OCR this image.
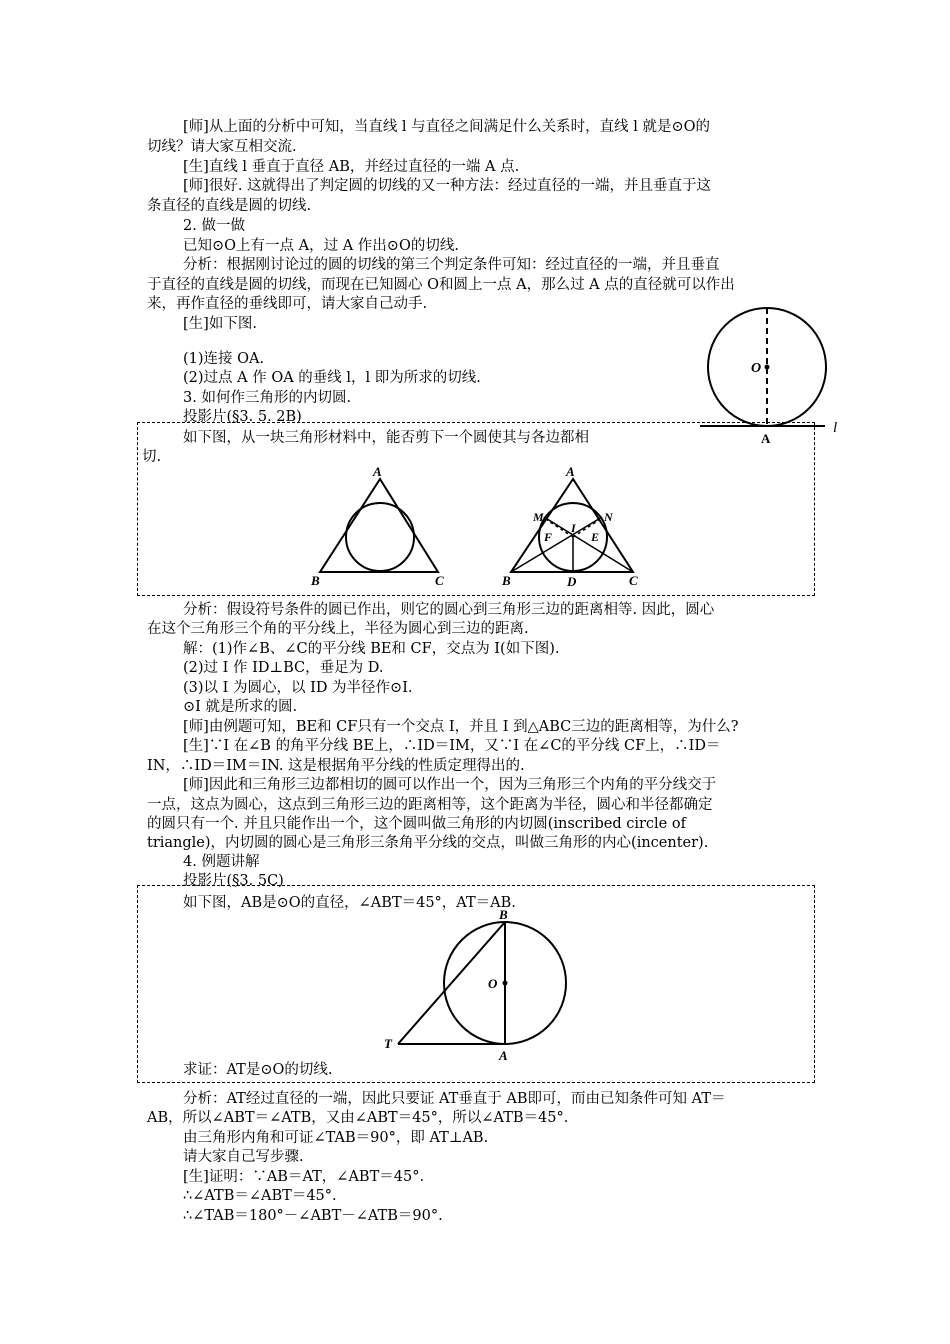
[师]从上面的分析中可知，当直线 l 与直径之间满足什么关系时，直线 l 就是⊙O的
切线？请大家互相交流.
[生]直线 l 垂直于直径 AB，并经过直径的一端 A 点.
[师]很好. 这就得出了判定圆的切线的又一种方法：经过直径的一端，并且垂直于这
条直径的直线是圆的切线.
2. 做一做
已知⊙O上有一点 A，过 A 作出⊙O的切线.
分析：根据刚讨论过的圆的切线的第三个判定条件可知：经过直径的一端，并且垂直
于直径的直线是圆的切线，而现在已知圆心 O和圆上一点 A，那么过 A 点的直径就可以作出
来，再作直径的垂线即可，请大家自己动手.
[生]如下图.
(1)连接 OA.
(2)过点 A 作 OA 的垂线 l，l 即为所求的切线.
3. 如何作三角形的内切圆.
投影片(§3. 5. 2B)
O
A
l
如下图，从一块三角形材料中，能否剪下一个圆使其与各边都相
切.
A
B	C
A
M	N
I
F	E
B	D	C
分析：假设符号条件的圆已作出，则它的圆心到三角形三边的距离相等. 因此，圆心
在这个三角形三个角的平分线上，半径为圆心到三边的距离.
解：(1)作∠B、∠C的平分线 BE和 CF，交点为 I(如下图).
(2)过 I 作 ID⊥BC，垂足为 D.
(3)以 I 为圆心，以 ID 为半径作⊙I.
⊙I 就是所求的圆.
[师]由例题可知，BE和 CF只有一个交点 I，并且 I 到△ABC三边的距离相等，为什么?
[生]∵I 在∠B 的角平分线 BE上，∴ID＝IM，又∵I 在∠C的平分线 CF上，∴ID＝
IN，∴ID＝IM＝IN. 这是根据角平分线的性质定理得出的.
[师]因此和三角形三边都相切的圆可以作出一个，因为三角形三个内角的平分线交于
一点，这点为圆心，这点到三角形三边的距离相等，这个距离为半径，圆心和半径都确定
的圆只有一个. 并且只能作出一个，这个圆叫做三角形的内切圆(inscribed circle of
triangle)，内切圆的圆心是三角形三条角平分线的交点，叫做三角形的内心(incenter).
4. 例题讲解
投影片(§3. 5C)
如下图，AB是⊙O的直径，∠ABT＝45°，AT＝AB.
B
O
T
A
求证：AT是⊙O的切线.
分析：AT经过直径的一端，因此只要证 AT垂直于 AB即可，而由已知条件可知 AT＝
AB，所以∠ABT＝∠ATB，又由∠ABT＝45°，所以∠ATB＝45°.
由三角形内角和可证∠TAB＝90°，即 AT⊥AB.
请大家自己写步骤.
[生]证明：∵AB＝AT，∠ABT＝45°.
∴∠ATB＝∠ABT＝45°.
∴∠TAB＝180°－∠ABT－∠ATB＝90°.
